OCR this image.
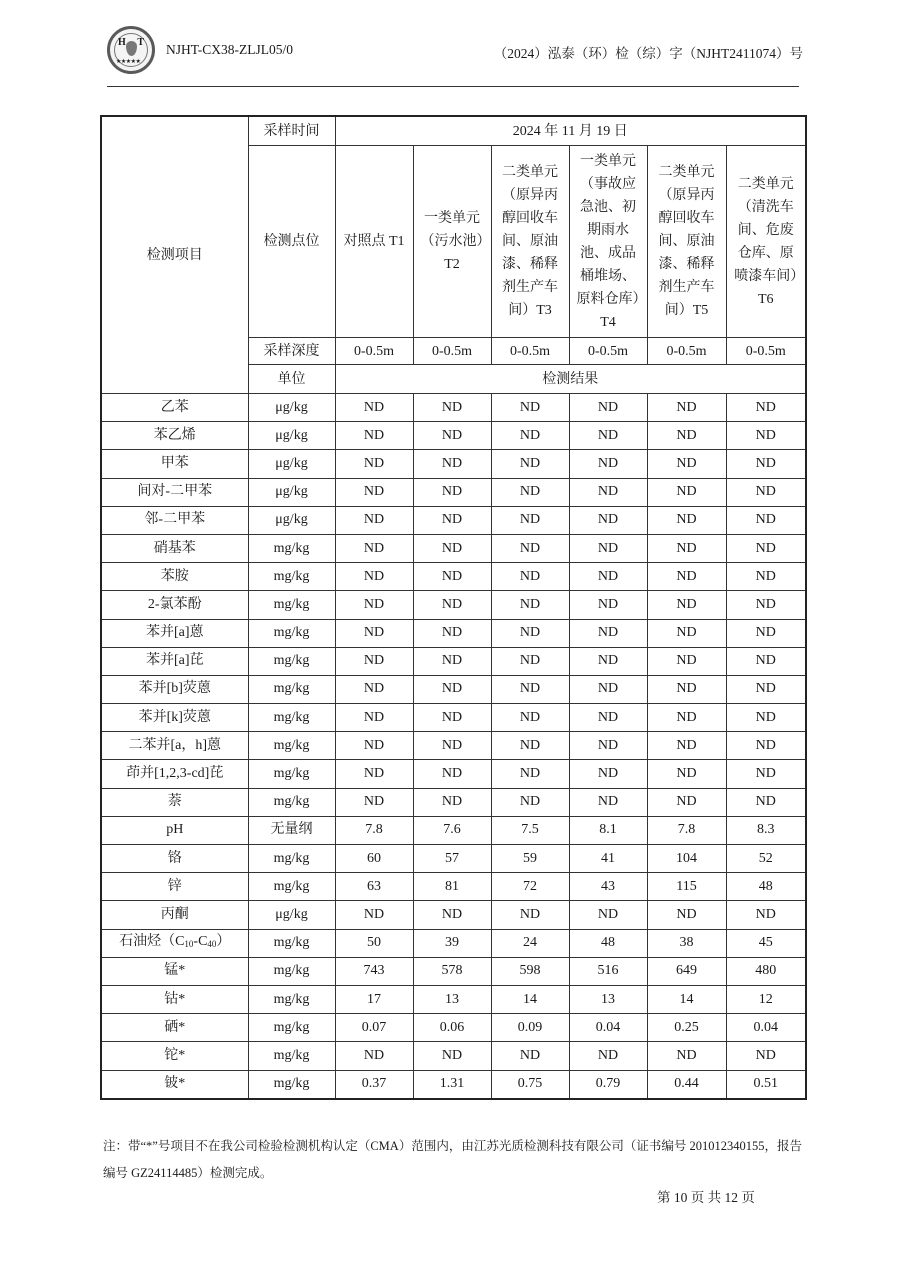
H T
★★★★★
NJHT-CX38-ZLJL05/0	（2024）泓泰（环）检（综）字（NJHT2411074）号
检测项目	采样时间	2024 年 11 月 19 日					
	检测点位	对照点 T1	一类单元（污水池）T2	二类单元（原异丙醇回收车间、原油漆、稀释剂生产车间）T3	一类单元（事故应急池、初期雨水池、成品桶堆场、原料仓库）T4	二类单元（原异丙醇回收车间、原油漆、稀释剂生产车间）T5	二类单元（清洗车间、危废仓库、原喷漆车间）T6
	采样深度	0-0.5m	0-0.5m	0-0.5m	0-0.5m	0-0.5m	0-0.5m
	单位	检测结果					
乙苯	μg/kg	ND	ND	ND	ND	ND	ND
苯乙烯	μg/kg	ND	ND	ND	ND	ND	ND
甲苯	μg/kg	ND	ND	ND	ND	ND	ND
间对-二甲苯	μg/kg	ND	ND	ND	ND	ND	ND
邻-二甲苯	μg/kg	ND	ND	ND	ND	ND	ND
硝基苯	mg/kg	ND	ND	ND	ND	ND	ND
苯胺	mg/kg	ND	ND	ND	ND	ND	ND
2-氯苯酚	mg/kg	ND	ND	ND	ND	ND	ND
苯并[a]蒽	mg/kg	ND	ND	ND	ND	ND	ND
苯并[a]芘	mg/kg	ND	ND	ND	ND	ND	ND
苯并[b]荧蒽	mg/kg	ND	ND	ND	ND	ND	ND
苯并[k]荧蒽	mg/kg	ND	ND	ND	ND	ND	ND
二苯并[a，h]蒽	mg/kg	ND	ND	ND	ND	ND	ND
茚并[1,2,3-cd]芘	mg/kg	ND	ND	ND	ND	ND	ND
萘	mg/kg	ND	ND	ND	ND	ND	ND
pH	无量纲	7.8	7.6	7.5	8.1	7.8	8.3
铬	mg/kg	60	57	59	41	104	52
锌	mg/kg	63	81	72	43	115	48
丙酮	μg/kg	ND	ND	ND	ND	ND	ND
石油烃$(C_{10}-C_{40})$	mg/kg	50	39	24	48	38	45
锰*	mg/kg	743	578	598	516	649	480
钴*	mg/kg	17	13	14	13	14	12
硒*	mg/kg	0.07	0.06	0.09	0.04	0.25	0.04
铊*	mg/kg	ND	ND	ND	ND	ND	ND
铍*	mg/kg	0.37	1.31	0.75	0.79	0.44	0.51
注：带“*”号项目不在我公司检验检测机构认定（CMA）范围内，由江苏光质检测科技有限公司（证书编号 201012340155，报告编号 GZ24114485）检测完成。
第 10 页 共 12 页
